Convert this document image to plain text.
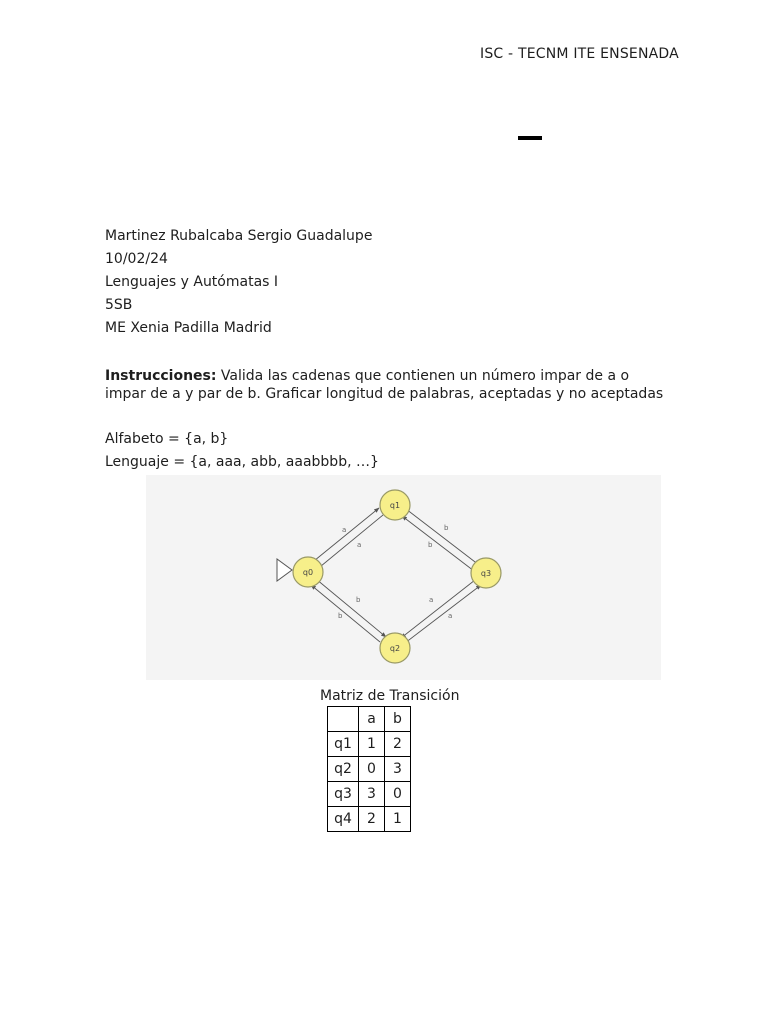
ISC - TECNM ITE ENSENADA
Martinez Rubalcaba Sergio Guadalupe
10/02/24
Lenguajes y Autómatas I
5SB
ME Xenia Padilla Madrid
Instrucciones: Valida las cadenas que contienen un número impar de a o impar de a y par de b. Graficar longitud de palabras, aceptadas y no aceptadas
Alfabeto = {a, b}
Lenguaje = {a, aaa, abb, aaabbbb, …}
a
a
b
b
b
b
a
a
q0
q1
q2
q3
Matriz de Transición
	a	b
q1	1	2
q2	0	3
q3	3	0
q4	2	1
